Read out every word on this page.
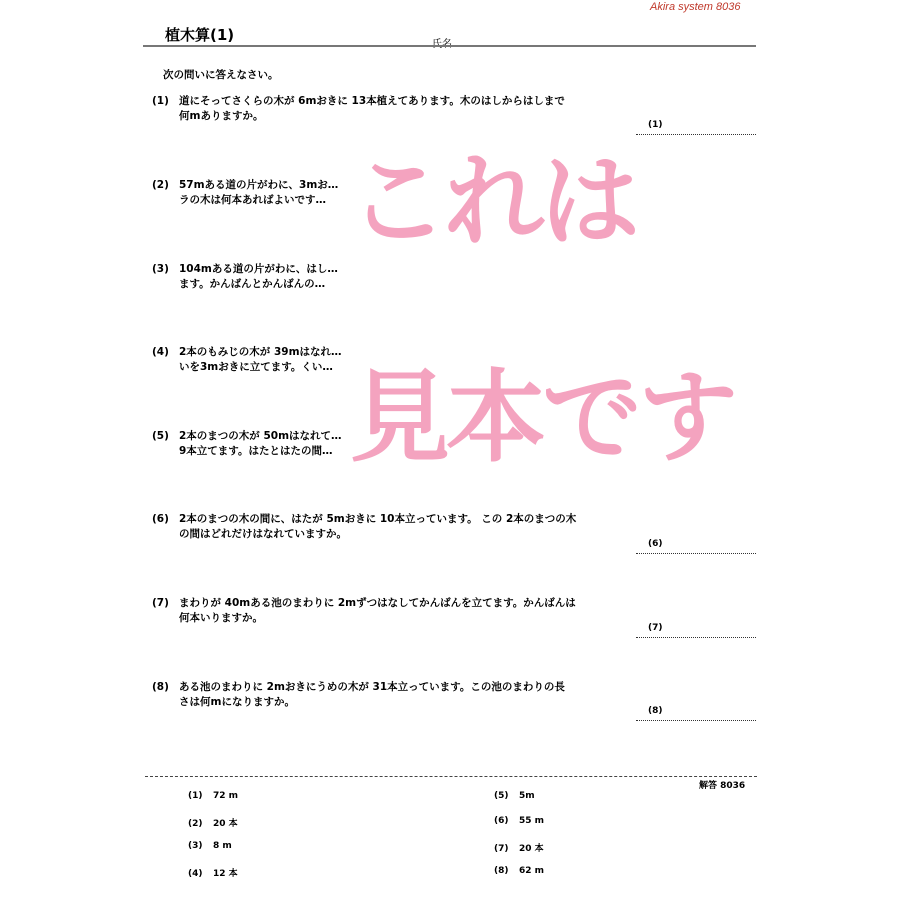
Akira system 8036
植木算(1)
氏名
次の問いに答えなさい。
(1) 道にそってさくらの木が 6mおきに 13本植えてあります。木のはしからはしまで
何mありますか。
(1)
(2) 57mある道の片がわに、3mお…
ラの木は何本あればよいです…
(3) 104mある道の片がわに、はし…
ます。かんばんとかんばんの…
(4) 2本のもみじの木が 39mはなれ…
いを3mおきに立てます。くい…
(5) 2本のまつの木が 50mはなれて…
9本立てます。はたとはたの間…
(6) 2本のまつの木の間に、はたが 5mおきに 10本立っています。 この 2本のまつの木
の間はどれだけはなれていますか。
(6)
(7) まわりが 40mある池のまわりに 2mずつはなしてかんばんを立てます。かんばんは
何本いりますか。
(7)
(8) ある池のまわりに 2mおきにうめの木が 31本立っています。この池のまわりの長
さは何mになりますか。
(8)
これは
見本です
解答 8036
(1) 72 m
(2) 20 本
(3) 8 m
(4) 12 本
(5) 5m
(6) 55 m
(7) 20 本
(8) 62 m
